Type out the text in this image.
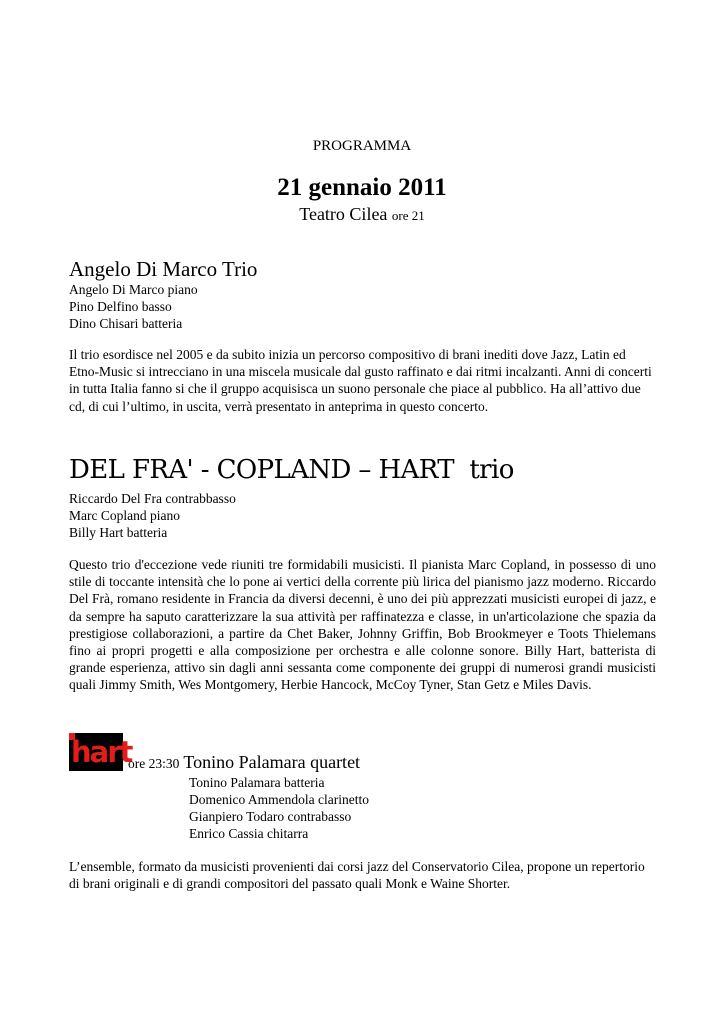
PROGRAMMA

21 gennaio 2011

Teatro Cilea ore 21

Angelo Di Marco Trio
Angelo Di Marco piano
Pino Delfino basso
Dino Chisari batteria

Il trio esordisce nel 2005 e da subito inizia un percorso compositivo di brani inediti dove Jazz, Latin ed Etno-Music si intrecciano in una miscela musicale dal gusto raffinato e dai ritmi incalzanti. Anni di concerti in tutta Italia fanno si che il gruppo acquisisca un suono personale che piace al pubblico. Ha all’attivo due cd, di cui l’ultimo, in uscita, verrà presentato in anteprima in questo concerto.

DEL FRA' - COPLAND – HART  trio
Riccardo Del Fra contrabbasso
Marc Copland piano
Billy Hart batteria

Questo trio d'eccezione vede riuniti tre formidabili musicisti. Il pianista Marc Copland, in possesso di uno stile di toccante intensità che lo pone ai vertici della corrente più lirica del pianismo jazz moderno. Riccardo Del Frà, romano residente in Francia da diversi decenni, è uno dei più apprezzati musicisti europei di jazz, e da sempre ha saputo caratterizzare la sua attività per raffinatezza e classe, in un'articolazione che spazia da prestigiose collaborazioni, a partire da Chet Baker, Johnny Griffin, Bob Brookmeyer e Toots Thielemans fino ai propri progetti e alla composizione per orchestra e alle colonne sonore. Billy Hart, batterista di grande esperienza, attivo sin dagli anni sessanta come componente dei gruppi di numerosi grandi musicisti quali Jimmy Smith, Wes Montgomery, Herbie Hancock, McCoy Tyner, Stan Getz e Miles Davis.

hart

ore 23:30 Tonino Palamara quartet

Tonino Palamara batteria
Domenico Ammendola clarinetto
Gianpiero Todaro contrabasso
Enrico Cassia chitarra

L’ensemble, formato da musicisti provenienti dai corsi jazz del Conservatorio Cilea, propone un repertorio di brani originali e di grandi compositori del passato quali Monk e Waine Shorter.
